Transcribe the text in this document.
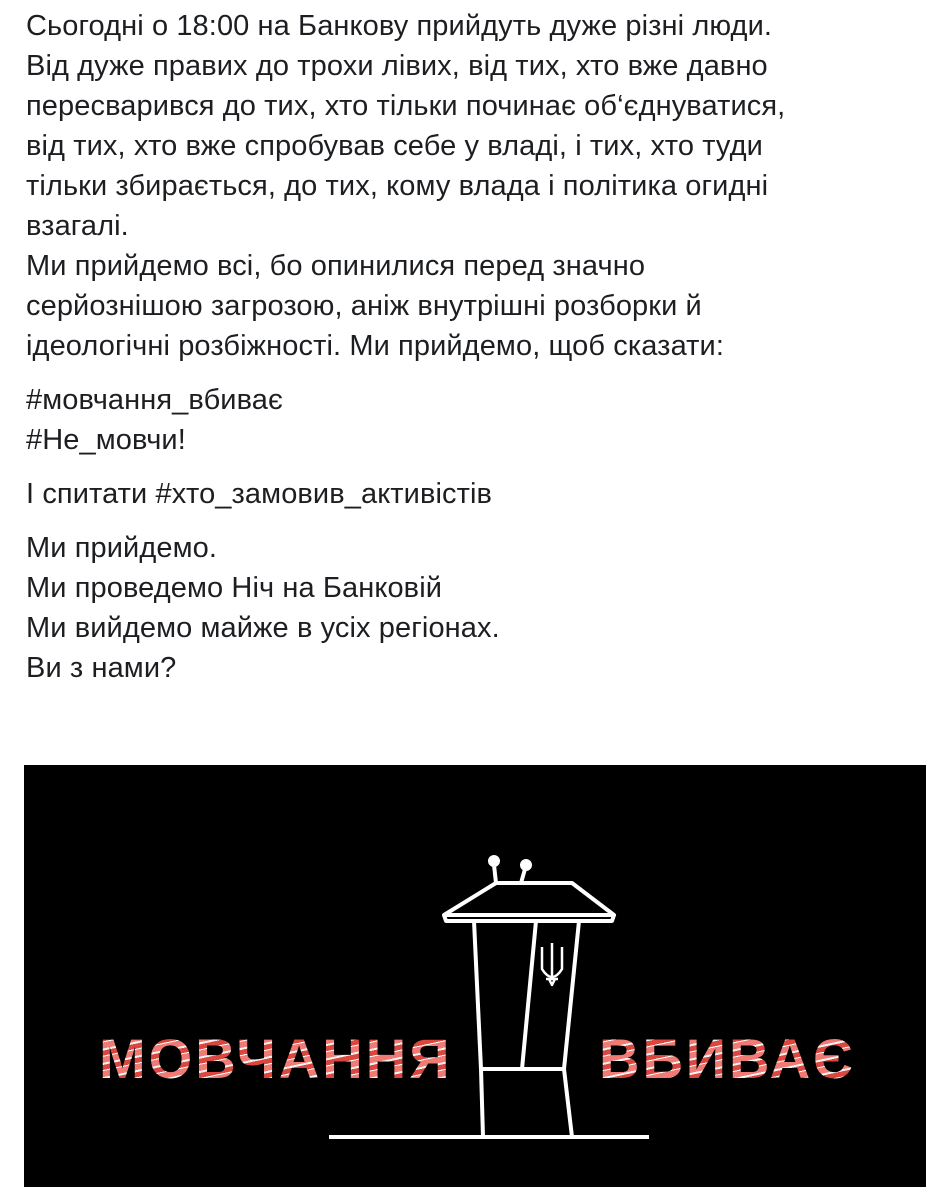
Сьогодні о 18:00 на Банкову прийдуть дуже різні люди.
Від дуже правих до трохи лівих, від тих, хто вже давно
пересварився до тих, хто тільки починає об‘єднуватися,
від тих, хто вже спробував себе у владі, і тих, хто туди
тільки збирається, до тих, кому влада і політика огидні
взагалі.

Ми прийдемо всі, бо опинилися перед значно
серйознішою загрозою, аніж внутрішні розборки й
ідеологічні розбіжності. Ми прийдемо, щоб сказати:

#мовчання_вбиває
#Не_мовчи!

І спитати #хто_замовив_активістів

Ми прийдемо.
Ми проведемо Ніч на Банковій
Ми вийдемо майже в усіх регіонах.
Ви з нами?

МОВЧАННЯ	ВБИВАЄ
